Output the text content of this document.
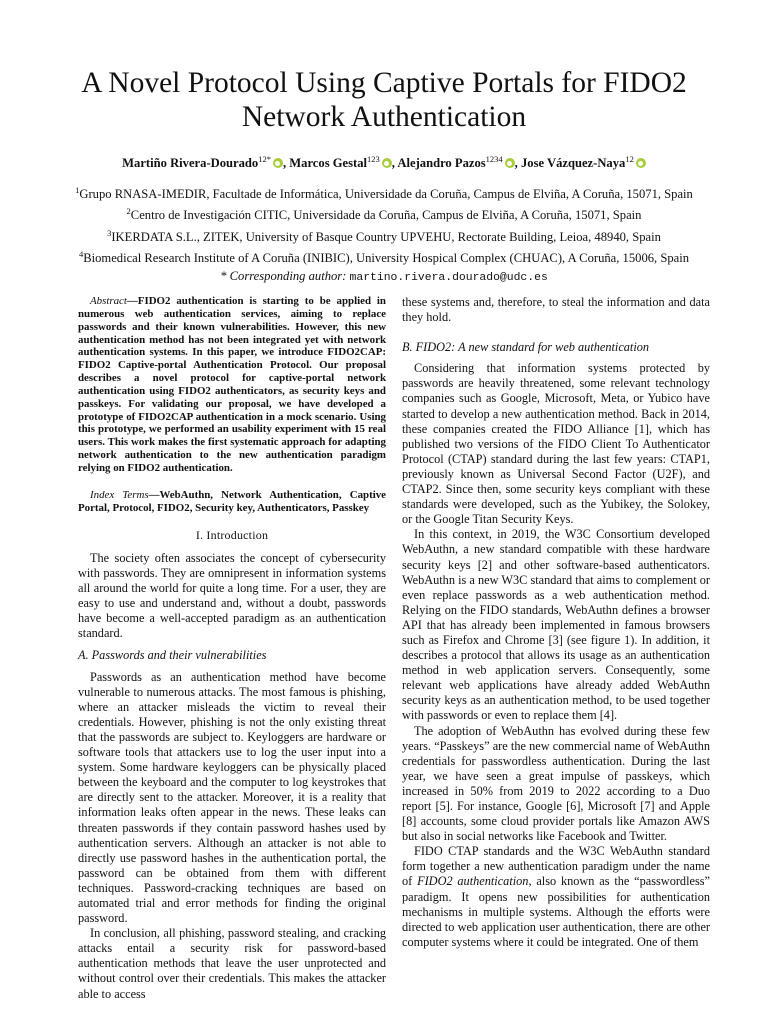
A Novel Protocol Using Captive Portals for FIDO2 Network Authentication
Martiño Rivera-Dourado$^{12*}$ , Marcos Gestal$^{123}$ , Alejandro Pazos$^{1234}$ , Jose Vázquez-Naya$^{12}$
$^1$Grupo RNASA-IMEDIR, Facultade de Informática, Universidade da Coruña, Campus de Elviña, A Coruña, 15071, Spain
$^2$Centro de Investigación CITIC, Universidade da Coruña, Campus de Elviña, A Coruña, 15071, Spain
$^3$IKERDATA S.L., ZITEK, University of Basque Country UPVEHU, Rectorate Building, Leioa, 48940, Spain
$^4$Biomedical Research Institute of A Coruña (INIBIC), University Hospical Complex (CHUAC), A Coruña, 15006, Spain
* Corresponding author: martino.rivera.dourado@udc.es

Abstract—FIDO2 authentication is starting to be applied in numerous web authentication services, aiming to replace passwords and their known vulnerabilities. However, this new authentication method has not been integrated yet with network authentication systems. In this paper, we introduce FIDO2CAP: FIDO2 Captive-portal Authentication Protocol. Our proposal describes a novel protocol for captive-portal network authentication using FIDO2 authenticators, as security keys and passkeys. For validating our proposal, we have developed a prototype of FIDO2CAP authentication in a mock scenario. Using this prototype, we performed an usability experiment with 15 real users. This work makes the first systematic approach for adapting network authentication to the new authentication paradigm relying on FIDO2 authentication.

Index Terms—WebAuthn, Network Authentication, Captive Portal, Protocol, FIDO2, Security key, Authenticators, Passkey

I. Introduction

The society often associates the concept of cybersecurity with passwords. They are omnipresent in information systems all around the world for quite a long time. For a user, they are easy to use and understand and, without a doubt, passwords have become a well-accepted paradigm as an authentication standard.

A. Passwords and their vulnerabilities

Passwords as an authentication method have become vulnerable to numerous attacks. The most famous is phishing, where an attacker misleads the victim to reveal their credentials. However, phishing is not the only existing threat that the passwords are subject to. Keyloggers are hardware or software tools that attackers use to log the user input into a system. Some hardware keyloggers can be physically placed between the keyboard and the computer to log keystrokes that are directly sent to the attacker. Moreover, it is a reality that information leaks often appear in the news. These leaks can threaten passwords if they contain password hashes used by authentication servers. Although an attacker is not able to directly use password hashes in the authentication portal, the password can be obtained from them with different techniques. Password-cracking techniques are based on automated trial and error methods for finding the original password.

In conclusion, all phishing, password stealing, and cracking attacks entail a security risk for password-based authentication methods that leave the user unprotected and without control over their credentials. This makes the attacker able to access

these systems and, therefore, to steal the information and data they hold.

B. FIDO2: A new standard for web authentication

Considering that information systems protected by passwords are heavily threatened, some relevant technology companies such as Google, Microsoft, Meta, or Yubico have started to develop a new authentication method. Back in 2014, these companies created the FIDO Alliance [1], which has published two versions of the FIDO Client To Authenticator Protocol (CTAP) standard during the last few years: CTAP1, previously known as Universal Second Factor (U2F), and CTAP2. Since then, some security keys compliant with these standards were developed, such as the Yubikey, the Solokey, or the Google Titan Security Keys.

In this context, in 2019, the W3C Consortium developed WebAuthn, a new standard compatible with these hardware security keys [2] and other software-based authenticators. WebAuthn is a new W3C standard that aims to complement or even replace passwords as a web authentication method. Relying on the FIDO standards, WebAuthn defines a browser API that has already been implemented in famous browsers such as Firefox and Chrome [3] (see figure 1). In addition, it describes a protocol that allows its usage as an authentication method in web application servers. Consequently, some relevant web applications have already added WebAuthn security keys as an authentication method, to be used together with passwords or even to replace them [4].

The adoption of WebAuthn has evolved during these few years. “Passkeys” are the new commercial name of WebAuthn credentials for passwordless authentication. During the last year, we have seen a great impulse of passkeys, which increased in 50% from 2019 to 2022 according to a Duo report [5]. For instance, Google [6], Microsoft [7] and Apple [8] accounts, some cloud provider portals like Amazon AWS but also in social networks like Facebook and Twitter.

FIDO CTAP standards and the W3C WebAuthn standard form together a new authentication paradigm under the name of FIDO2 authentication, also known as the “passwordless” paradigm. It opens new possibilities for authentication mechanisms in multiple systems. Although the efforts were directed to web application user authentication, there are other computer systems where it could be integrated. One of them
